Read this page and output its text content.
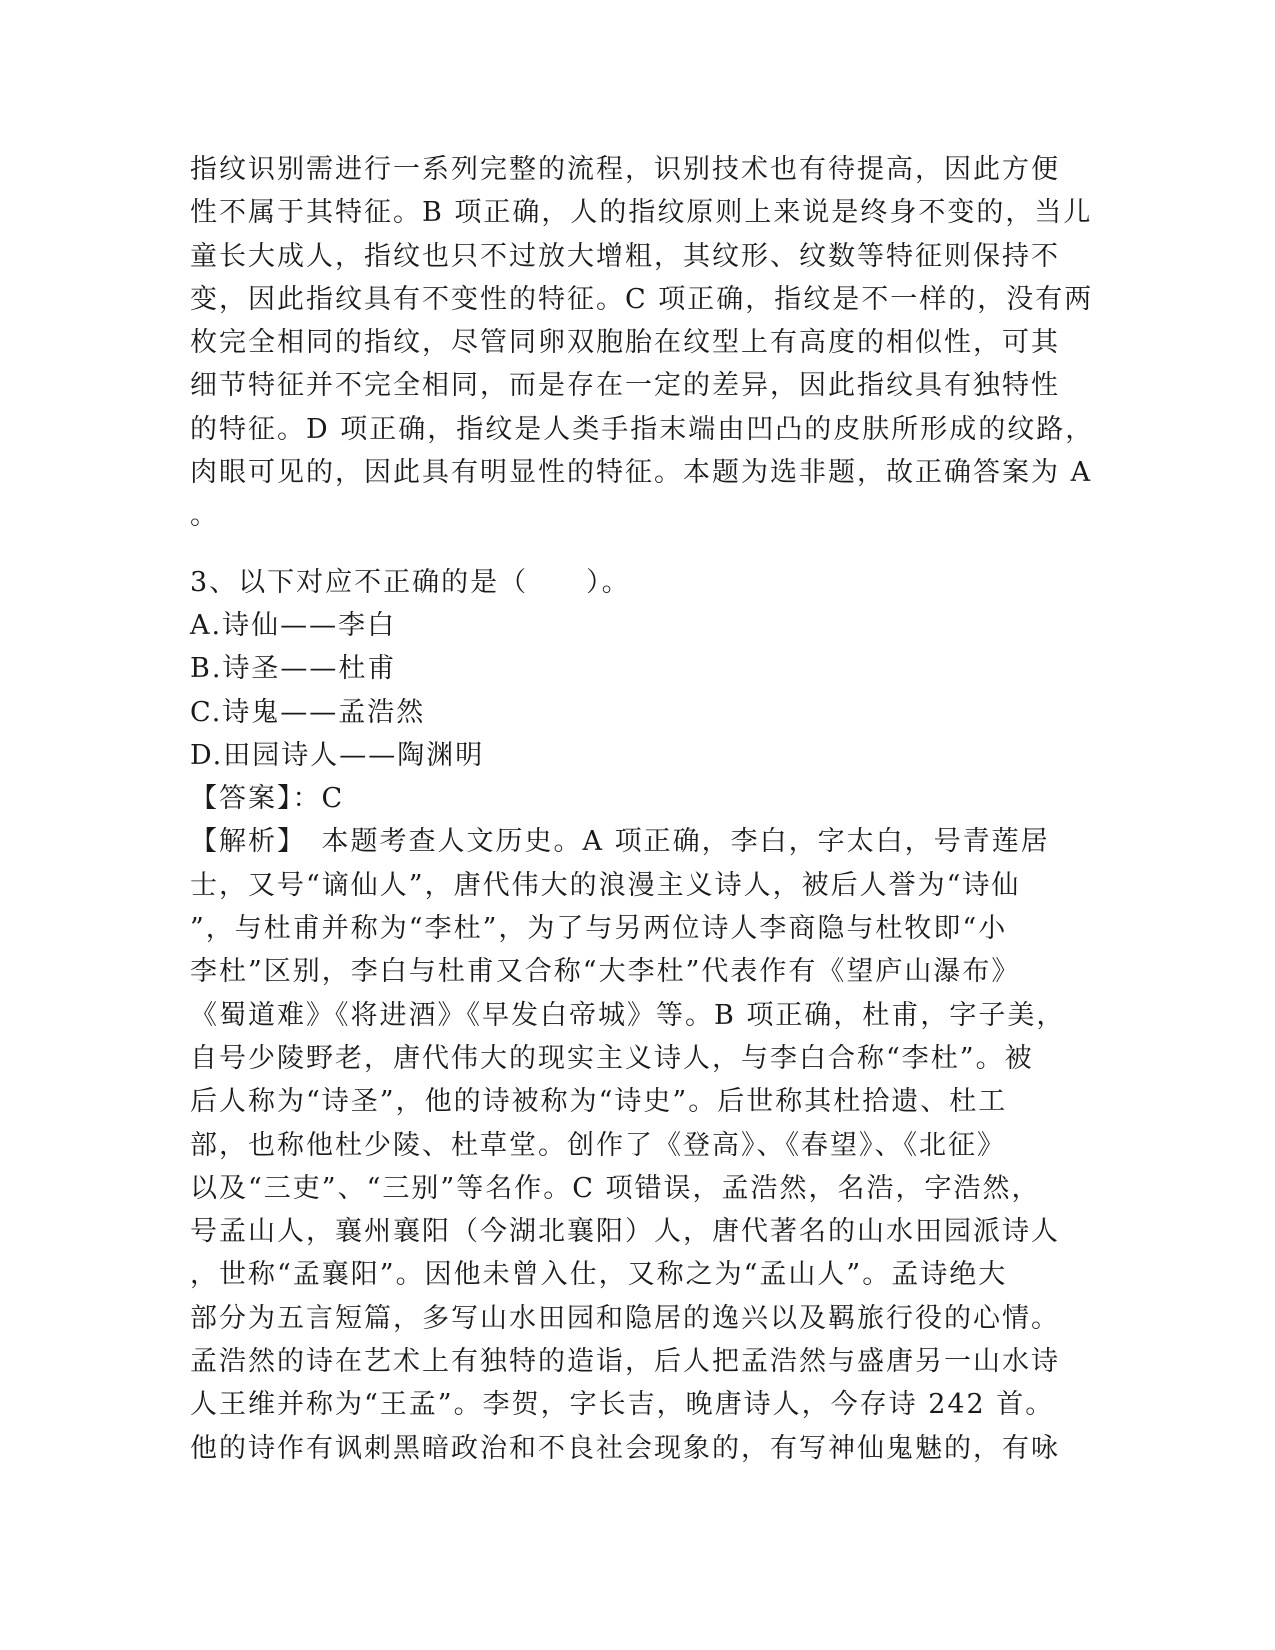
指纹识别需进行一系列完整的流程，识别技术也有待提高，因此方便
性不属于其特征。B 项正确，人的指纹原则上来说是终身不变的，当儿
童长大成人，指纹也只不过放大增粗，其纹形、纹数等特征则保持不
变，因此指纹具有不变性的特征。C 项正确，指纹是不一样的，没有两
枚完全相同的指纹，尽管同卵双胞胎在纹型上有高度的相似性，可其
细节特征并不完全相同，而是存在一定的差异，因此指纹具有独特性
的特征。D 项正确，指纹是人类手指末端由凹凸的皮肤所形成的纹路，
肉眼可见的，因此具有明显性的特征。本题为选非题，故正确答案为 A
。
3、以下对应不正确的是（　　）。
A.诗仙——李白
B.诗圣——杜甫
C.诗鬼——孟浩然
D.田园诗人——陶渊明
【答案】：C
【解析】　本题考查人文历史。A 项正确，李白，字太白，号青莲居
士，又号“谪仙人”，唐代伟大的浪漫主义诗人，被后人誉为“诗仙
”，与杜甫并称为“李杜”，为了与另两位诗人李商隐与杜牧即“小
李杜”区别，李白与杜甫又合称“大李杜”代表作有《望庐山瀑布》
《蜀道难》《将进酒》《早发白帝城》等。B 项正确，杜甫，字子美，
自号少陵野老，唐代伟大的现实主义诗人，与李白合称“李杜”。被
后人称为“诗圣”，他的诗被称为“诗史”。后世称其杜拾遗、杜工
部，也称他杜少陵、杜草堂。创作了《登高》、《春望》、《北征》
以及“三吏”、“三别”等名作。C 项错误，孟浩然，名浩，字浩然，
号孟山人，襄州襄阳（今湖北襄阳）人，唐代著名的山水田园派诗人
，世称“孟襄阳”。因他未曾入仕，又称之为“孟山人”。孟诗绝大
部分为五言短篇，多写山水田园和隐居的逸兴以及羁旅行役的心情。
孟浩然的诗在艺术上有独特的造诣，后人把孟浩然与盛唐另一山水诗
人王维并称为“王孟”。李贺，字长吉，晚唐诗人，今存诗 242 首。
他的诗作有讽刺黑暗政治和不良社会现象的，有写神仙鬼魅的，有咏
